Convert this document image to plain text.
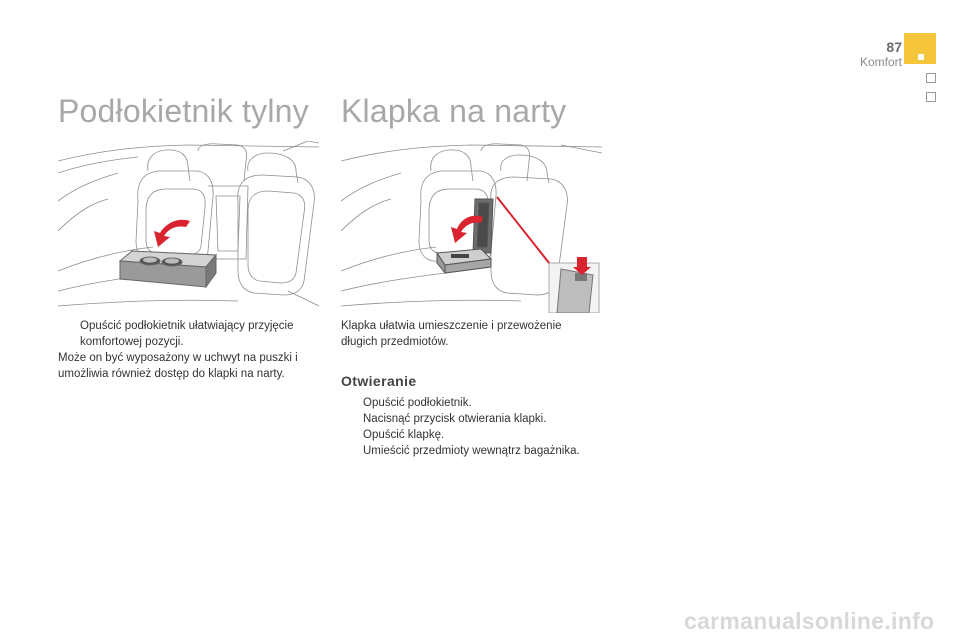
87
Komfort
Podłokietnik tylny Klapka na narty
Opuścić podłokietnik ułatwiający przyjęcie komfortowej pozycji.
Może on być wyposażony w uchwyt na puszki i
umożliwia również dostęp do klapki na narty.
Klapka ułatwia umieszczenie i przewożenie
długich przedmiotów.
Otwieranie
Opuścić podłokietnik.
Nacisnąć przycisk otwierania klapki.
Opuścić klapkę.
Umieścić przedmioty wewnątrz bagażnika.
carmanualsonline.info
